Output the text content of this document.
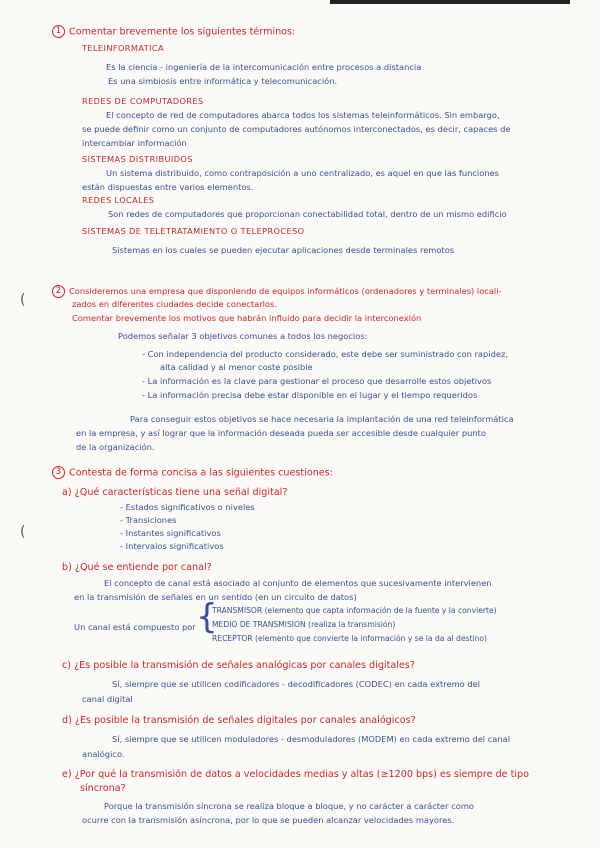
1 Comentar brevemente los siguientes términos:
TELEINFORMATICA
Es la ciencia - ingeniería de la intercomunicación entre procesos a distancia
Es una simbiosis entre informática y telecomunicación.
REDES DE COMPUTADORES
El concepto de red de computadores abarca todos los sistemas teleinformáticos. Sin embargo,
se puede definir como un conjunto de computadores autónomos interconectados, es decir, capaces de
intercambiar información
SISTEMAS DISTRIBUIDOS
Un sistema distribuido, como contraposición a uno centralizado, es aquel en que las funciones
están dispuestas entre varios elementos.
REDES LOCALES
Son redes de computadores que proporcionan conectabilidad total, dentro de un mismo edificio
SISTEMAS DE TELETRATAMIENTO O TELEPROCESO
Sistemas en los cuales se pueden ejecutar aplicaciones desde terminales remotos
2 Consideremos una empresa que disponiendo de equipos informáticos (ordenadores y terminales) locali-
zados en diferentes ciudades decide conectarlos.
Comentar brevemente los motivos que habrán influido para decidir la interconexión
(
Podemos señalar 3 objetivos comunes a todos los negocios:
- Con independencia del producto considerado, este debe ser suministrado con rapidez,
alta calidad y al menor coste posible
- La información es la clave para gestionar el proceso que desarrolle estos objetivos
- La información precisa debe estar disponible en el lugar y el tiempo requeridos
Para conseguir estos objetivos se hace necesaria la implantación de una red teleinformática
en la empresa, y así lograr que la información deseada pueda ser accesible desde cualquier punto
de la organización.
3 Contesta de forma concisa a las siguientes cuestiones:
a) ¿Qué características tiene una señal digital?
- Estados significativos o niveles
- Transiciones
- Instantes significativos
- Intervalos significativos
(
b) ¿Qué se entiende por canal?
El concepto de canal está asociado al conjunto de elementos que sucesivamente intervienen
en la transmisión de señales en un sentido (en un circuito de datos)
Un canal está compuesto por {
TRANSMISOR (elemento que capta información de la fuente y la convierte)
MEDIO DE TRANSMISION (realiza la transmisión)
RECEPTOR (elemento que convierte la información y se la da al destino)
c) ¿Es posible la transmisión de señales analógicas por canales digitales?
Sí, siempre que se utilicen codificadores - decodificadores (CODEC) en cada extremo del
canal digital
d) ¿Es posible la transmisión de señales digitales por canales analógicos?
Sí, siempre que se utilicen moduladores - desmoduladores (MODEM) en cada extremo del canal
analógico.
e) ¿Por qué la transmisión de datos a velocidades medias y altas (≥1200 bps) es siempre de tipo
síncrona?
Porque la transmisión síncrona se realiza bloque a bloque, y no carácter a carácter como
ocurre con la transmisión asíncrona, por lo que se pueden alcanzar velocidades mayores.
